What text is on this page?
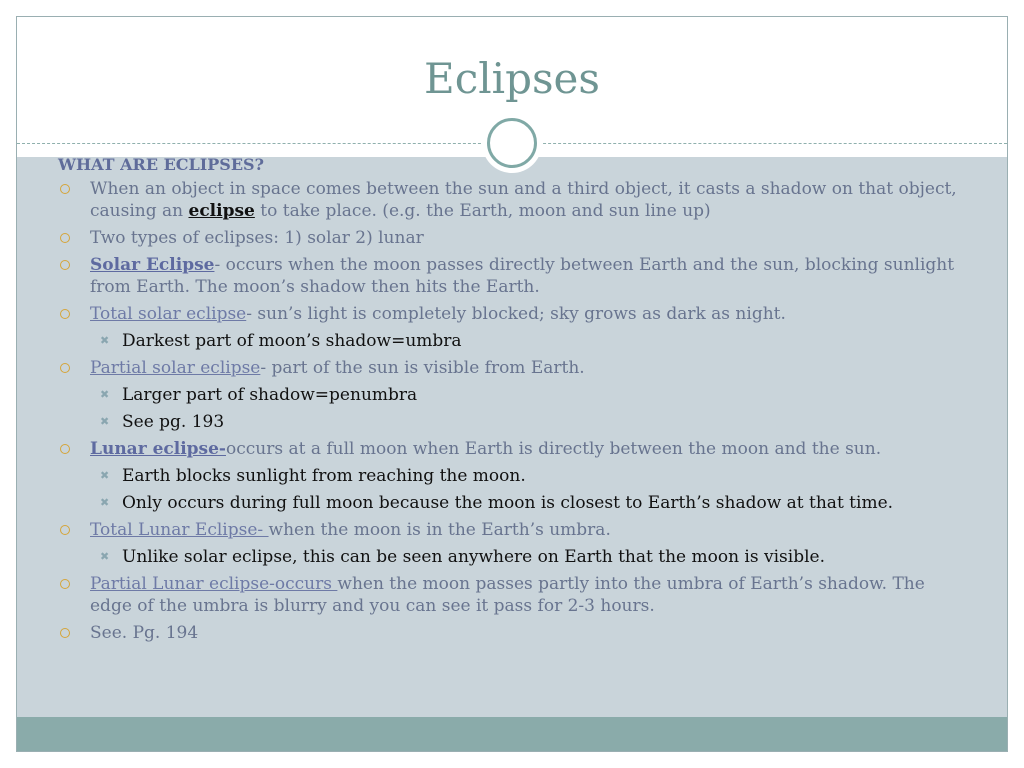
Eclipses
WHAT ARE ECLIPSES?
When an object in space comes between the sun and a third object, it casts a shadow on that object, causing an eclipse to take place. (e.g. the Earth, moon and sun line up)
Two types of eclipses: 1) solar 2) lunar
Solar Eclipse- occurs when the moon passes directly between Earth and the sun, blocking sunlight from Earth. The moon’s shadow then hits the Earth.
Total solar eclipse- sun’s light is completely blocked; sky grows as dark as night.
✖ Darkest part of moon’s shadow=umbra
Partial solar eclipse- part of the sun is visible from Earth.
✖ Larger part of shadow=penumbra
✖ See pg. 193
Lunar eclipse-occurs at a full moon when Earth is directly between the moon and the sun.
✖ Earth blocks sunlight from reaching the moon.
✖ Only occurs during full moon because the moon is closest to Earth’s shadow at that time.
Total Lunar Eclipse- when the moon is in the Earth’s umbra.
✖ Unlike solar eclipse, this can be seen anywhere on Earth that the moon is visible.
Partial Lunar eclipse-occurs when the moon passes partly into the umbra of Earth’s shadow. The edge of the umbra is blurry and you can see it pass for 2-3 hours.
See. Pg. 194
